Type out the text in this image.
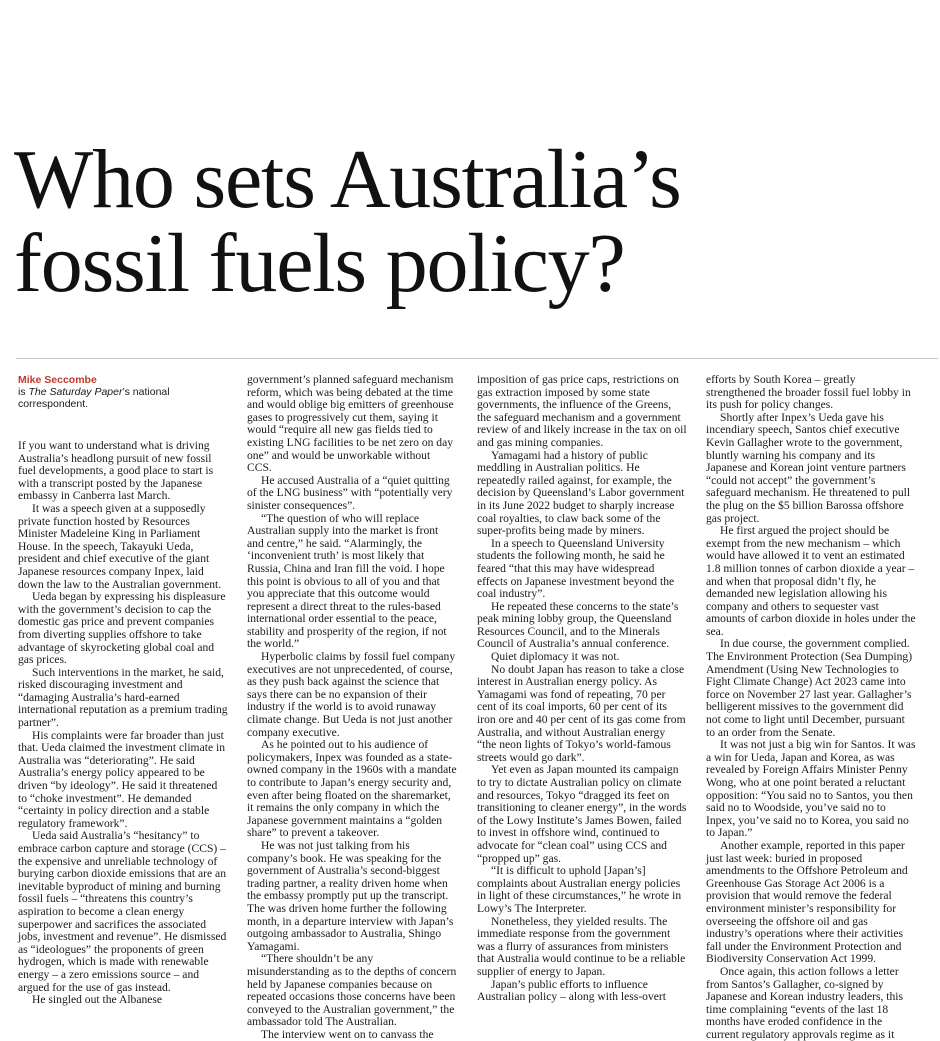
Who sets Australia’s
fossil fuels policy?
Mike Seccombe
is The Saturday Paper’s national correspondent.

If you want to understand what is driving Australia’s headlong pursuit of new fossil fuel developments, a good place to start is with a transcript posted by the Japanese embassy in Canberra last March.

It was a speech given at a supposedly private function hosted by Resources Minister Madeleine King in Parliament House. In the speech, Takayuki Ueda, president and chief executive of the giant Japanese resources company Inpex, laid down the law to the Australian government.

Ueda began by expressing his displeasure with the government’s decision to cap the domestic gas price and prevent companies from diverting supplies offshore to take advantage of skyrocketing global coal and gas prices.

Such interventions in the market, he said, risked discouraging investment and “damaging Australia’s hard-earned international reputation as a premium trading partner”.

His complaints were far broader than just that. Ueda claimed the investment climate in Australia was “deteriorating”. He said Australia’s energy policy appeared to be driven “by ideology”. He said it threatened to “choke investment”. He demanded “certainty in policy direction and a stable regulatory framework”.

Ueda said Australia’s “hesitancy” to embrace carbon capture and storage (CCS) – the expensive and unreliable technology of burying carbon dioxide emissions that are an inevitable byproduct of mining and burning fossil fuels – “threatens this country’s aspiration to become a clean energy superpower and sacrifices the associated jobs, investment and revenue”. He dismissed as “ideologues” the proponents of green hydrogen, which is made with renewable energy – a zero emissions source – and argued for the use of gas instead.

He singled out the Albanese

government’s planned safeguard mechanism reform, which was being debated at the time and would oblige big emitters of greenhouse gases to progressively cut them, saying it would “require all new gas fields tied to existing LNG facilities to be net zero on day one” and would be unworkable without CCS.

He accused Australia of a “quiet quitting of the LNG business” with “potentially very sinister consequences”.

“The question of who will replace Australian supply into the market is front and centre,” he said. “Alarmingly, the ‘inconvenient truth’ is most likely that Russia, China and Iran fill the void. I hope this point is obvious to all of you and that you appreciate that this outcome would represent a direct threat to the rules-based international order essential to the peace, stability and prosperity of the region, if not the world.”

Hyperbolic claims by fossil fuel company executives are not unprecedented, of course, as they push back against the science that says there can be no expansion of their industry if the world is to avoid runaway climate change. But Ueda is not just another company executive.

As he pointed out to his audience of policymakers, Inpex was founded as a state-owned company in the 1960s with a mandate to contribute to Japan’s energy security and, even after being floated on the sharemarket, it remains the only company in which the Japanese government maintains a “golden share” to prevent a takeover.

He was not just talking from his company’s book. He was speaking for the government of Australia’s second-biggest trading partner, a reality driven home when the embassy promptly put up the transcript. The was driven home further the following month, in a departure interview with Japan’s outgoing ambassador to Australia, Shingo Yamagami.

“There shouldn’t be any misunderstanding as to the depths of concern held by Japanese companies because on repeated occasions those concerns have been conveyed to the Australian government,” the ambassador told The Australian.

The interview went on to canvass the

imposition of gas price caps, restrictions on gas extraction imposed by some state governments, the influence of the Greens, the safeguard mechanism and a government review of and likely increase in the tax on oil and gas mining companies.

Yamagami had a history of public meddling in Australian politics. He repeatedly railed against, for example, the decision by Queensland’s Labor government in its June 2022 budget to sharply increase coal royalties, to claw back some of the super-profits being made by miners.

In a speech to Queensland University students the following month, he said he feared “that this may have widespread effects on Japanese investment beyond the coal industry”.

He repeated these concerns to the state’s peak mining lobby group, the Queensland Resources Council, and to the Minerals Council of Australia’s annual conference.

Quiet diplomacy it was not.

No doubt Japan has reason to take a close interest in Australian energy policy. As Yamagami was fond of repeating, 70 per cent of its coal imports, 60 per cent of its iron ore and 40 per cent of its gas come from Australia, and without Australian energy “the neon lights of Tokyo’s world-famous streets would go dark”.

Yet even as Japan mounted its campaign to try to dictate Australian policy on climate and resources, Tokyo “dragged its feet on transitioning to cleaner energy”, in the words of the Lowy Institute’s James Bowen, failed to invest in offshore wind, continued to advocate for “clean coal” using CCS and “propped up” gas.

“It is difficult to uphold [Japan’s] complaints about Australian energy policies in light of these circumstances,” he wrote in Lowy’s The Interpreter.

Nonetheless, they yielded results. The immediate response from the government was a flurry of assurances from ministers that Australia would continue to be a reliable supplier of energy to Japan.

Japan’s public efforts to influence Australian policy – along with less-overt

efforts by South Korea – greatly strengthened the broader fossil fuel lobby in its push for policy changes.

Shortly after Inpex’s Ueda gave his incendiary speech, Santos chief executive Kevin Gallagher wrote to the government, bluntly warning his company and its Japanese and Korean joint venture partners “could not accept” the government’s safeguard mechanism. He threatened to pull the plug on the $5 billion Barossa offshore gas project.

He first argued the project should be exempt from the new mechanism – which would have allowed it to vent an estimated 1.8 million tonnes of carbon dioxide a year – and when that proposal didn’t fly, he demanded new legislation allowing his company and others to sequester vast amounts of carbon dioxide in holes under the sea.

In due course, the government complied. The Environment Protection (Sea Dumping) Amendment (Using New Technologies to Fight Climate Change) Act 2023 came into force on November 27 last year. Gallagher’s belligerent missives to the government did not come to light until December, pursuant to an order from the Senate.

It was not just a big win for Santos. It was a win for Ueda, Japan and Korea, as was revealed by Foreign Affairs Minister Penny Wong, who at one point berated a reluctant opposition: “You said no to Santos, you then said no to Woodside, you’ve said no to Inpex, you’ve said no to Korea, you said no to Japan.”

Another example, reported in this paper just last week: buried in proposed amendments to the Offshore Petroleum and Greenhouse Gas Storage Act 2006 is a provision that would remove the federal environment minister’s responsibility for overseeing the offshore oil and gas industry’s operations where their activities fall under the Environment Protection and Biodiversity Conservation Act 1999.

Once again, this action follows a letter from Santos’s Gallagher, co-signed by Japanese and Korean industry leaders, this time complaining “events of the last 18 months have eroded confidence in the current regulatory approvals regime as it
